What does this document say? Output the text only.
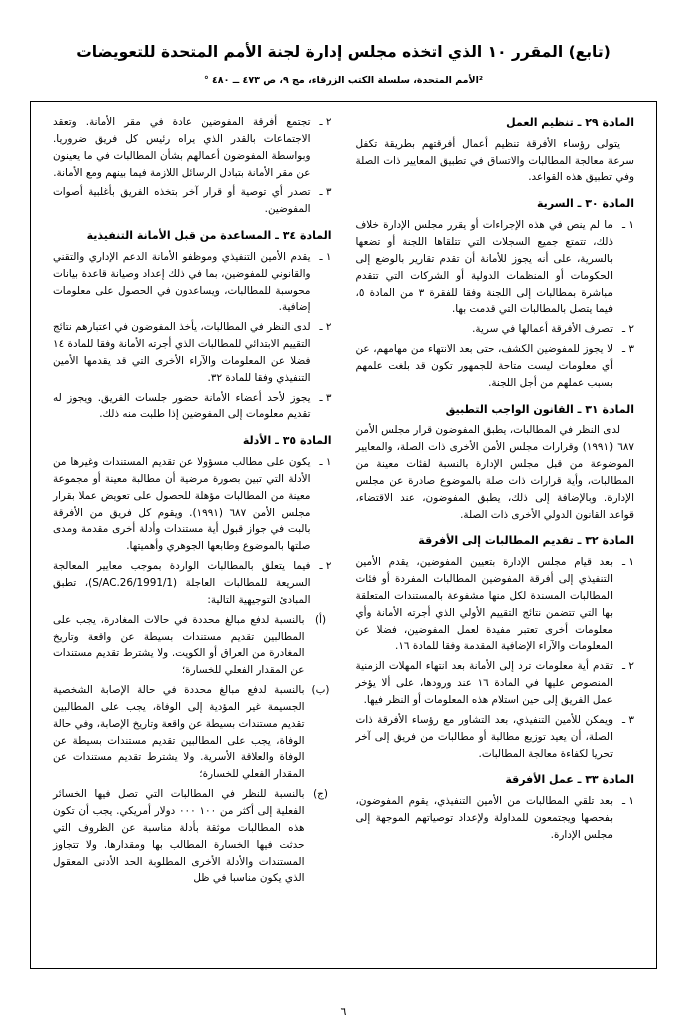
(تابع) المقرر ١٠ الذي اتخذه مجلس إدارة لجنة الأمم المتحدة للتعويضات
²الأمم المتحدة، سلسلة الكتب الزرقاء، مج ٩، ص ٤٧٣ ــ ٤٨٠ °
المادة ٢٩ ـ تنظيم العمل
يتولى رؤساء الأفرقة تنظيم أعمال أفرقتهم بطريقة تكفل سرعة معالجة المطالبات والاتساق في تطبيق المعايير ذات الصلة وفي تطبيق هذه القواعد.
المادة ٣٠ ـ السرية
١ ـ
ما لم ينص في هذه الإجراءات أو يقرر مجلس الإدارة خلاف ذلك، تتمتع جميع السجلات التي تتلقاها اللجنة أو تضعها بالسرية، على أنه يجوز للأمانة أن تقدم تقارير بالوضع إلى الحكومات أو المنظمات الدولية أو الشركات التي تتقدم مباشرة بمطالبات إلى اللجنة وفقا للفقرة ٣ من المادة ٥، فيما يتصل بالمطالبات التي قدمت بها.
٢ ـ
تصرف الأفرقة أعمالها في سرية.
٣ ـ
لا يجوز للمفوضين الكشف، حتى بعد الانتهاء من مهامهم، عن أي معلومات ليست متاحة للجمهور تكون قد بلغت علمهم بسبب عملهم من أجل اللجنة.
المادة ٣١ ـ القانون الواجب التطبيق
لدى النظر في المطالبات، يطبق المفوضون قرار مجلس الأمن ٦٨٧ (١٩٩١) وقرارات مجلس الأمن الأخرى ذات الصلة، والمعايير الموضوعة من قبل مجلس الإدارة بالنسبة لفئات معينة من المطالبات، وأية قرارات ذات صلة بالموضوع صادرة عن مجلس الإدارة. وبالإضافة إلى ذلك، يطبق المفوضون، عند الاقتضاء، قواعد القانون الدولي الأخرى ذات الصلة.
المادة ٣٢ ـ تقديم المطالبات إلى الأفرقة
١ ـ
بعد قيام مجلس الإدارة بتعيين المفوضين، يقدم الأمين التنفيذي إلى أفرقة المفوضين المطالبات المفردة أو فئات المطالبات المسندة لكل منها مشفوعة بالمستندات المتعلقة بها التي تتضمن نتائج التقييم الأولي الذي أجرته الأمانة وأي معلومات أخرى تعتبر مفيدة لعمل المفوضين، فضلا عن المعلومات والآراء الإضافية المقدمة وفقا للمادة ١٦.
٢ ـ
تقدم أية معلومات ترد إلى الأمانة بعد انتهاء المهلات الزمنية المنصوص عليها في المادة ١٦ عند ورودها، على ألا يؤخر عمل الفريق إلى حين استلام هذه المعلومات أو النظر فيها.
٣ ـ
ويمكن للأمين التنفيذي، بعد التشاور مع رؤساء الأفرقة ذات الصلة، أن يعيد توزيع مطالبة أو مطالبات من فريق إلى آخر تحريا لكفاءة معالجة المطالبات.
المادة ٣٣ ـ عمل الأفرقة
١ ـ
بعد تلقي المطالبات من الأمين التنفيذي، يقوم المفوضون، بفحصها ويجتمعون للمداولة ولإعداد توصياتهم الموجهة إلى مجلس الإدارة.
٢ ـ
تجتمع أفرقة المفوضين عادة في مقر الأمانة. وتعقد الاجتماعات بالقدر الذي يراه رئيس كل فريق ضروريا. وبواسطة المفوضون أعمالهم بشأن المطالبات في ما يعينون عن مقر الأمانة بتبادل الرسائل اللازمة فيما بينهم ومع الأمانة.
٣ ـ
تصدر أي توصية أو قرار آخر بتخذه الفريق بأغلبية أصوات المفوضين.
المادة ٣٤ ـ المساعدة من قبل الأمانة التنفيذية
١ ـ
يقدم الأمين التنفيذي وموظفو الأمانة الدعم الإداري والتقني والقانوني للمفوضين، بما في ذلك إعداد وصيانة قاعدة بيانات محوسبة للمطالبات، ويساعدون في الحصول على معلومات إضافية.
٢ ـ
لدى النظر في المطالبات، يأخذ المفوضون في اعتبارهم نتائج التقييم الابتدائي للمطالبات الذي أجرته الأمانة وفقا للمادة ١٤ فضلا عن المعلومات والآراء الأخرى التي قد يقدمها الأمين التنفيذي وفقا للمادة ٣٢.
٣ ـ
يجوز لأحد أعضاء الأمانة حضور جلسات الفريق. ويجوز له تقديم معلومات إلى المفوضين إذا طلبت منه ذلك.
المادة ٣٥ ـ الأدلة
١ ـ
يكون على مطالب مسؤولا عن تقديم المستندات وغيرها من الأدلة التي تبين بصورة مرضية أن مطالبة معينة أو مجموعة معينة من المطالبات مؤهلة للحصول على تعويض عملا بقرار مجلس الأمن ٦٨٧ (١٩٩١). ويقوم كل فريق من الأفرقة بالبت في جواز قبول أية مستندات وأدلة أخرى مقدمة ومدى صلتها بالموضوع وطابعها الجوهري وأهميتها.
٢ ـ
فيما يتعلق بالمطالبات الواردة بموجب معايير المعالجة السريعة للمطالبات العاجلة (S/AC.26/1991/1)، تطبق المبادئ التوجيهية التالية:
(أ)
بالنسبة لدفع مبالغ محددة في حالات المغادرة، يجب على المطالبين تقديم مستندات بسيطة عن واقعة وتاريخ المغادرة من العراق أو الكويت. ولا يشترط تقديم مستندات عن المقدار الفعلي للخسارة؛
(ب)
بالنسبة لدفع مبالغ محددة في حالة الإصابة الشخصية الجسيمة غير المؤدية إلى الوفاة، يجب على المطالبين تقديم مستندات بسيطة عن واقعة وتاريخ الإصابة، وفي حالة الوفاة، يجب على المطالبين تقديم مستندات بسيطة عن الوفاة والعلاقة الأسرية. ولا يشترط تقديم مستندات عن المقدار الفعلي للخسارة؛
(ج)
بالنسبة للنظر في المطالبات التي تصل فيها الخسائر الفعلية إلى أكثر من ١٠٠ ٠٠٠ دولار أمريكي. يجب أن تكون هذه المطالبات موثقة بأدلة مناسبة عن الظروف التي حدثت فيها الخسارة المطالب بها ومقدارها. ولا تتجاوز المستندات والأدلة الأخرى المطلوبة الحد الأدنى المعقول الذي يكون مناسبا في ظل
٦
